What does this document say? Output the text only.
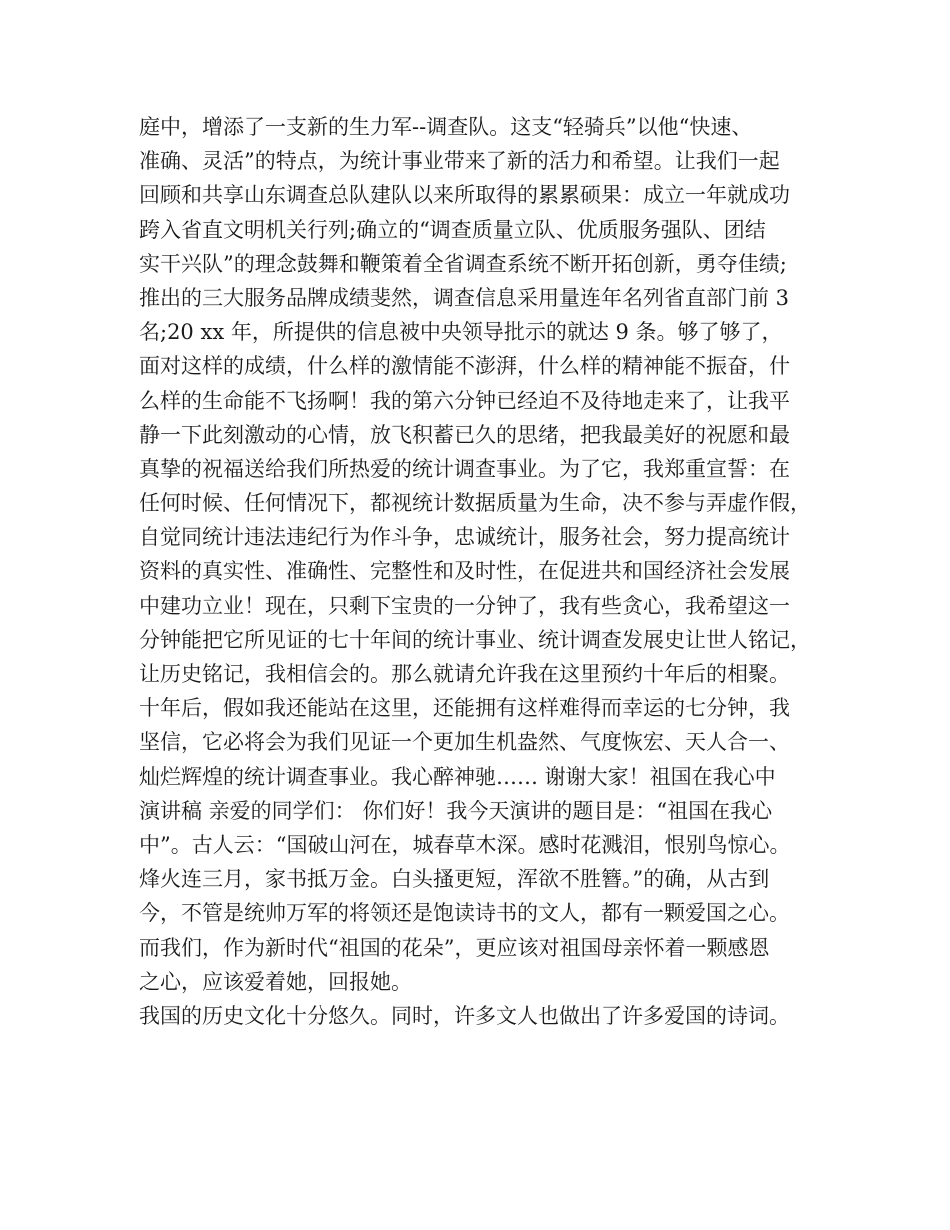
庭中，增添了一支新的生力军--调查队。这支“轻骑兵”以他“快速、
准确、灵活”的特点，为统计事业带来了新的活力和希望。让我们一起
回顾和共享山东调查总队建队以来所取得的累累硕果：成立一年就成功
跨入省直文明机关行列;确立的“调查质量立队、优质服务强队、团结
实干兴队”的理念鼓舞和鞭策着全省调查系统不断开拓创新，勇夺佳绩;
推出的三大服务品牌成绩斐然，调查信息采用量连年名列省直部门前 3
名;20 xx 年，所提供的信息被中央领导批示的就达 9 条。够了够了，
面对这样的成绩，什么样的激情能不澎湃，什么样的精神能不振奋，什
么样的生命能不飞扬啊！我的第六分钟已经迫不及待地走来了，让我平
静一下此刻激动的心情，放飞积蓄已久的思绪，把我最美好的祝愿和最
真挚的祝福送给我们所热爱的统计调查事业。为了它，我郑重宣誓：在
任何时候、任何情况下，都视统计数据质量为生命，决不参与弄虚作假，
自觉同统计违法违纪行为作斗争，忠诚统计，服务社会，努力提高统计
资料的真实性、准确性、完整性和及时性，在促进共和国经济社会发展
中建功立业！现在，只剩下宝贵的一分钟了，我有些贪心，我希望这一
分钟能把它所见证的七十年间的统计事业、统计调查发展史让世人铭记，
让历史铭记，我相信会的。那么就请允许我在这里预约十年后的相聚。
十年后，假如我还能站在这里，还能拥有这样难得而幸运的七分钟，我
坚信，它必将会为我们见证一个更加生机盎然、气度恢宏、天人合一、
灿烂辉煌的统计调查事业。我心醉神驰…… 谢谢大家！祖国在我心中
演讲稿 亲爱的同学们： 你们好！我今天演讲的题目是：“祖国在我心
中”。古人云：“国破山河在，城春草木深。感时花溅泪，恨别鸟惊心。
烽火连三月，家书抵万金。白头搔更短，浑欲不胜簪。”的确，从古到
今，不管是统帅万军的将领还是饱读诗书的文人，都有一颗爱国之心。
而我们，作为新时代“祖国的花朵”，更应该对祖国母亲怀着一颗感恩
之心，应该爱着她，回报她。
我国的历史文化十分悠久。同时，许多文人也做出了许多爱国的诗词。
